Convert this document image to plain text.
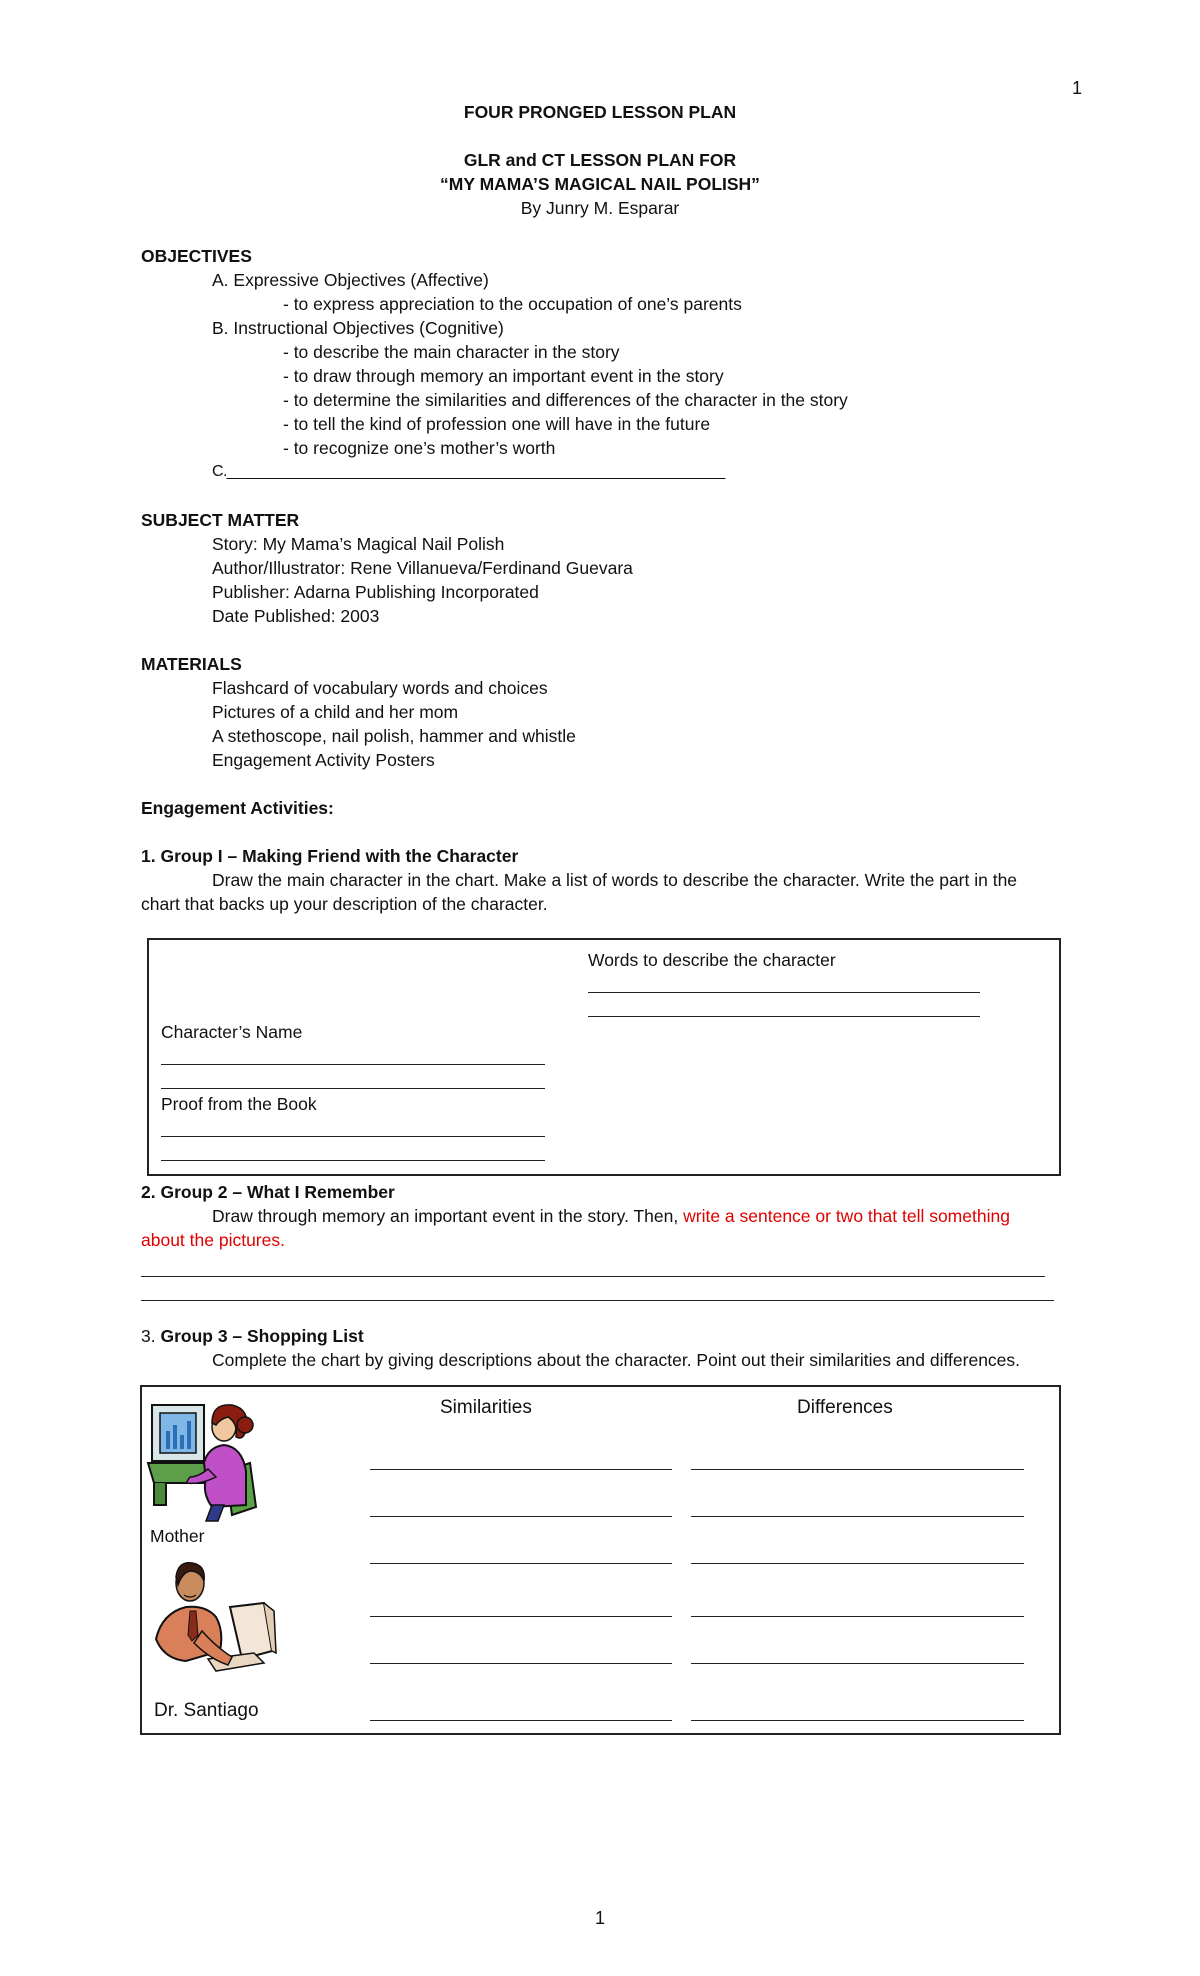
1
FOUR PRONGED LESSON PLAN
GLR and CT LESSON PLAN FOR
“MY MAMA’S MAGICAL NAIL POLISH”
By Junry M. Esparar
OBJECTIVES
A. Expressive Objectives (Affective)
- to express appreciation to the occupation of one’s parents
B. Instructional Objectives (Cognitive)
- to describe the main character in the story
- to draw through memory an important event in the story
- to determine the similarities and differences of the character in the story
- to tell the kind of profession one will have in the future
- to recognize one’s mother’s worth
C.____________________________________________________________
SUBJECT MATTER
Story: My Mama’s Magical Nail Polish
Author/Illustrator: Rene Villanueva/Ferdinand Guevara
Publisher: Adarna Publishing Incorporated
Date Published: 2003
MATERIALS
Flashcard of vocabulary words and choices
Pictures of a child and her mom
A stethoscope, nail polish, hammer and whistle
Engagement Activity Posters
Engagement Activities:
1. Group I – Making Friend with the Character
Draw the main character in the chart. Make a list of words to describe the character. Write the part in the
chart that backs up your description of the character.
Words to describe the character
Character’s Name
Proof from the Book
2. Group 2 – What I Remember
Draw through memory an important event in the story. Then, write a sentence or two that tell something
about the pictures.
3. Group 3 – Shopping List
Complete the chart by giving descriptions about the character. Point out their similarities and differences.
Similarities	Differences
Mother
Dr. Santiago
1
